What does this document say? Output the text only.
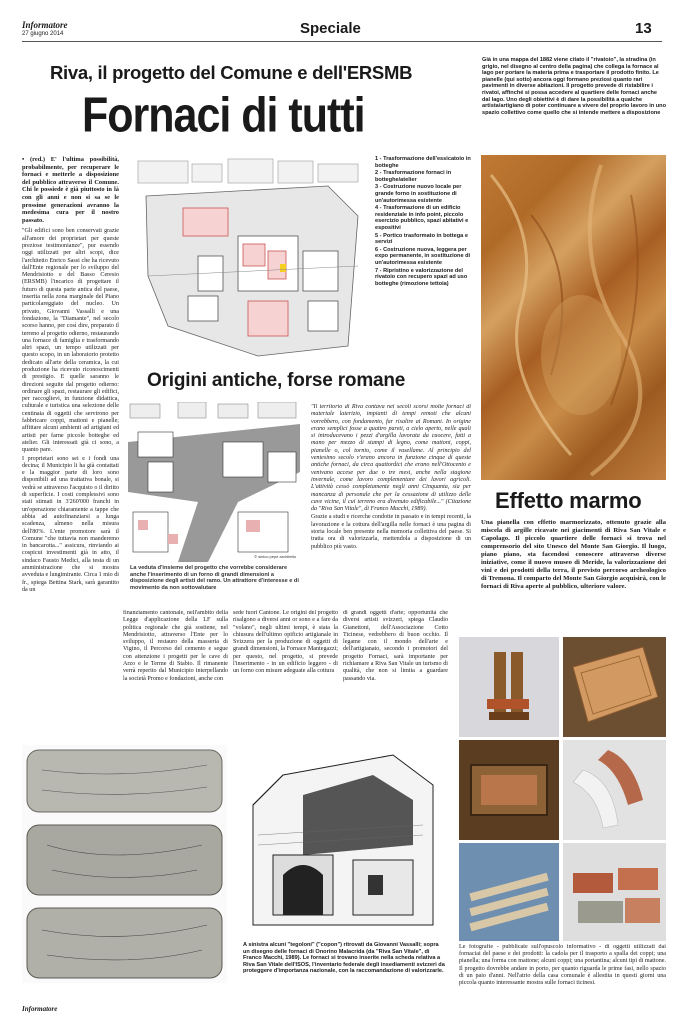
Informatore
27 giugno 2014	Speciale	13
Riva, il progetto del Comune e dell'ERSMB
Fornaci di tutti
Già in una mappa del 1882 viene citato il "rivatoio", la stradina (in grigio, nel disegno al centro della pagina) che collega la fornace al lago per portare la materia prima e trasportare il prodotto finito. Le pianelle (qui sotto) ancora oggi formano preziosi quanto rari pavimenti in diverse abitazioni. Il progetto prevede di ristabilire i rivatoi, affinché si possa accedere al quartiere delle fornaci anche dal lago. Uno degli obiettivi è di dare la possibilità a qualche artista/artigiano di poter continuare a vivere del proprio lavoro in uno spazio collettivo come quello che si intende mettere a disposizione

• (red.) E' l'ultima possibilità, probabilmente, per recuperare le fornaci e metterle a disposizione del pubblico attraverso il Comune. Chi le possiede è già piuttosto in là con gli anni e non si sa se le prossime generazioni avranno la medesima cura per il nostro passato.

"Gli edifici sono ben conservati grazie all'amore dei proprietari per queste preziose testimonianze", pur essendo oggi utilizzati per altri scopi, dice l'architetto Enrico Sassi che ha ricevuto dall'Ente regionale per lo sviluppo del Mendrisiotto e del Basso Ceresio (ERSMB) l'incarico di progettare il futuro di questa parte antica del paese, inserita nella zona marginale del Piano particolareggiato del nucleo. Un privato, Giovanni Vassalli e una fondazione, la "Diamante", nel secolo scorso hanno, per così dire, preparato il terreno al progetto odierno, restaurando una fornace di famiglia e trasformando altri spazi, un tempo utilizzati per questo scopo, in un laboratorio protetto dedicato all'arte della ceramica, la cui produzione ha ricevuto riconoscimenti di prestigio. E quelle saranno le direzioni seguite dal progetto odierno: ordinare gli spazi, restaurare gli edifici, per raccoglievi, in funzione didattica, culturale e turistica una selezione delle centinaia di oggetti che servirono per fabbricare coppi, mattoni e pianelle; affittare alcuni ambienti ad artigiani ed artisti per farne piccole botteghe ed atelier. Gli interessati già ci sono, a quanto pare.

I proprietari sono sei e i fondi una decina; il Municipio li ha già contattati e la maggior parte di loro sono disponibili ad una trattativa bonale, si vedrà se attraverso l'acquisto o il diritto di superficie. I costi complessivi sono stati stimati in 3'260'000 franchi in un'operazione chiaramente a tappe che abbia ad autofinanziarsi a lunga scadenza, almeno nella misura dell'80%. L'ente promotore sarà il Comune "che tuttavia non manderemo in bancarotta..." assicura, rinviando ai cospicui investimenti già in atto, il sindaco Fausto Medici, alla testa di un amministrazione che si mostra avveduta e lungimirante. Circa 1 mio di fr., spiega Bettina Stark, sarà garantito da un

1 - Trasformazione dell'essicatoio in botteghe
2 - Trasformazione fornaci in botteghe/atelier
3 - Costruzione nuovo locale per grande forno in sostituzione di un'autorimessa esistente
4 - Trasformazione di un edificio residenziale in info point, piccolo esercizio pubblico, spazi abitativi e espositivi
5 - Portico trasformato in bottega e servizi
6 - Costruzione nuova, leggera per expo permanente, in sostituzione di un'autorimessa esistente
7 - Ripristino e valorizzazione del rivatoio con recupero spazi ad uso botteghe (rimozione tettoia)
Origini antiche, forse romane
© sinico pepe architetto
La veduta d'insieme del progetto che vorrebbe considerare anche l'inserimento di un forno di grandi dimensioni a disposizione degli artisti del ramo. Un attrattore d'interesse e di movimento da non sottovalutare

"Il territorio di Riva contava nei secoli scorsi molte fornaci di materiale laterizio, impianti di tempi remoti che alcuni vorrebbero, con fondamento, far risalire ai Romani. In origine erano semplici fosse a quattro pareti, a cielo aperto, nelle quali si introducevano i pezzi d'argilla lavorata da cuocere, fatti a mano per mezzo di stampi di legno, come mattoni, coppi, pianelle o, col tornio, come il vasellame. Al principio del ventesimo secolo v'erano ancora in funzione cinque di queste antiche fornaci, da circa quattordici che erano nell'Ottocento e venivano accese per due o tre mesi, anche nella stagione invernale, come lavoro complementare dei lavori agricoli. L'attività cessò completamente negli anni Cinquanta, sia per mancanza di personale che per la cessazione di utilizzo delle cave vicine, il cui terreno era divenuto edificabile..." (Citazione da "Riva San Vitale", di Franco Macchi, 1989).

Grazie a studi e ricerche condotte in passato e in tempi recenti, la lavorazione e la cottura dell'argilla nelle fornaci è una pagina di storia locale ben presente nella memoria collettiva del paese. Si tratta ora di valorizzarla, mettendola a disposizione di un pubblico più vasto.

Effetto marmo
Una pianella con effetto marmorizzato, ottenuto grazie alla miscela di argille ricavate nei giacimenti di Riva San Vitale e Capolago. Il piccolo quartiere delle fornaci si trova nel comprensorio del sito Unesco del Monte San Giorgio. Il luogo, piano piano, sta facendosi conoscere attraverso diverse iniziative, come il nuovo museo di Meride, la valorizzazione dei vini e dei prodotti della terra, il previsto percorso archeologico di Tremona. Il comparto del Monte San Giorgio acquisirà, con le fornaci di Riva aperte al pubblico, ulteriore valore.
finanziamento cantonale, nell'ambito della Legge d'applicazione della LF sulla politica regionale che già sostiene, nel Mendrisiotto, attraverso l'Ente per lo sviluppo, il restauro della masseria di Vigino, il Percorso del cemento e segue con attenzione i progetti per le cave di Arzo e le Terme di Stabio. Il rimanente verrà reperito dal Municipio interpellando la società Promo e fondazioni, anche con
sede fuori Cantone. Le origini del progetto risalgono a diversi anni or sono e a fare da "volano", negli ultimi tempi, è stata la chiusura dell'ultimo opificio artigianale in Svizzera per la produzione di oggetti di grandi dimensioni, la Fornace Mantegazzi; per questo, nel progetto, si prevede l'inserimento - in un edificio leggero - di un forno con misure adeguate alla cottura
di grandi oggetti d'arte; opportunità che diversi artisti svizzeri, spiega Claudio Gianettoni, dell'Associazione Cotto Ticinese, vedrebbero di buon occhio. Il legame con il mondo dell'arte e dell'artigianato, secondo i promotori del progetto Fornaci, sarà importante per richiamare a Riva San Vitale un turismo di qualità, che non si limita a guardare passando via.
A sinistra alcuni "tegoloni" ("copon") ritrovati da Giovanni Vassalli; sopra un disegno delle fornaci di Onorino Malacrida (da "Riva San Vitale", di Franco Macchi, 1989). Le fornaci si trovano inserite nella scheda relativa a Riva San Vitale dell'ISOS, l'inventario federale degli insediamenti svizzeri da proteggere d'importanza nazionale, con la raccomandazione di valorizzarle.
Le fotografie - pubblicate sull'opuscolo informativo - di oggetti utilizzati dai fornaciai del paese e dei prodotti: la cadola per il trasporto a spalla dei coppi; una pianella; una forma con mattone; alcuni coppi; una portantina; alcuni tipi di mattone. Il progetto dovrebbe andare in porto, per quanto riguarda le prime fasi, nello spazio di un paio d'anni. Nell'atrio della casa comunale è allestita in questi giorni una piccola quanto interessante mostra sulle fornaci ticinesi.
Informatore
